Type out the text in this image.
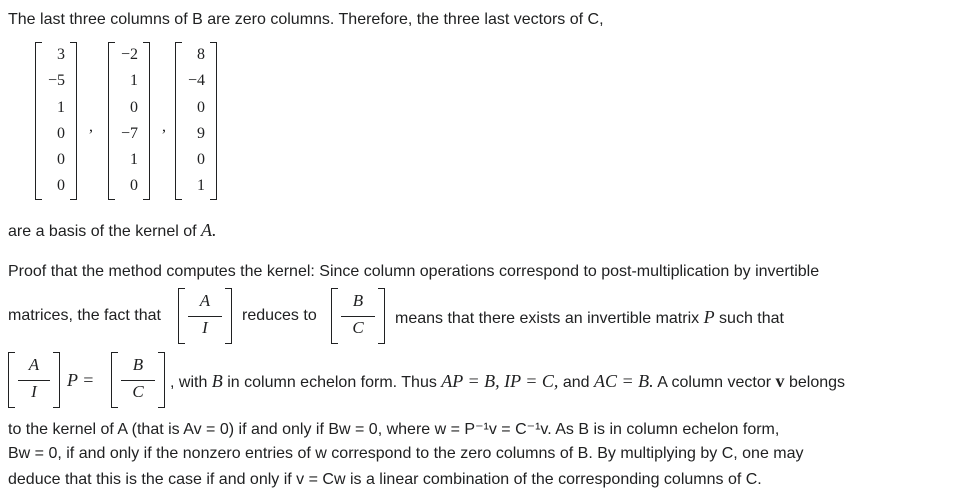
The last three columns of B are zero columns. Therefore, the three last vectors of C,
3
−5
1
0
0
0
,
−2
1
0
−7
1
0
,
8
−4
0
9
0
1
are a basis of the kernel of A.
Proof that the method computes the kernel: Since column operations correspond to post-multiplication by invertible
matrices, the fact that
A
I
reduces to
B
C	means that there exists an invertible matrix P such that
A
I
P =
B
C	, with B in column echelon form. Thus AP = B, IP = C, and AC = B. A column vector v belongs
to the kernel of A (that is Av = 0) if and only if Bw = 0, where w = P⁻¹v = C⁻¹v. As B is in column echelon form,
Bw = 0, if and only if the nonzero entries of w correspond to the zero columns of B. By multiplying by C, one may
deduce that this is the case if and only if v = Cw is a linear combination of the corresponding columns of C.
